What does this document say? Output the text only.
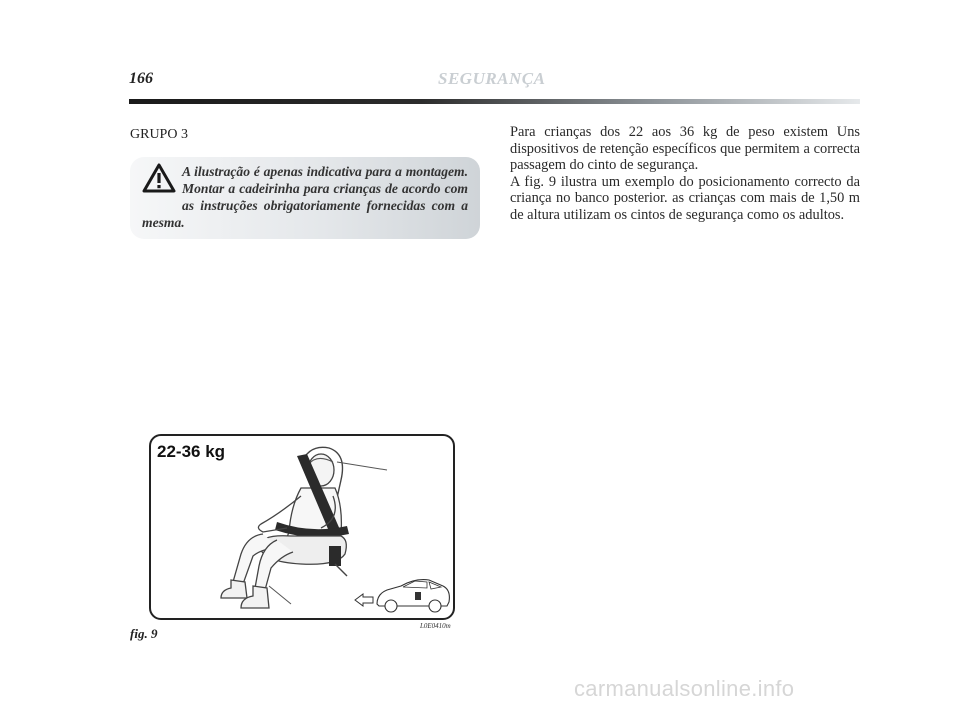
166	SEGURANÇA
GRUPO 3

A ilustração é apenas indicativa para a montagem. Montar a cadeirinha para crianças de acordo com as instruções obrigatoriamente fornecidas com a mesma.

Para crianças dos 22 aos 36 kg de peso existem Uns dispositivos de retenção específicos que permitem a correcta passagem do cinto de segurança.
A fig. 9 ilustra um exemplo do posicionamento correcto da criança no banco posterior. as crianças com mais de 1,50 m de altura utilizam os cintos de segurança como os adultos.

22-36 kg
fig. 9	L0E0410m
carmanualsonline.info
